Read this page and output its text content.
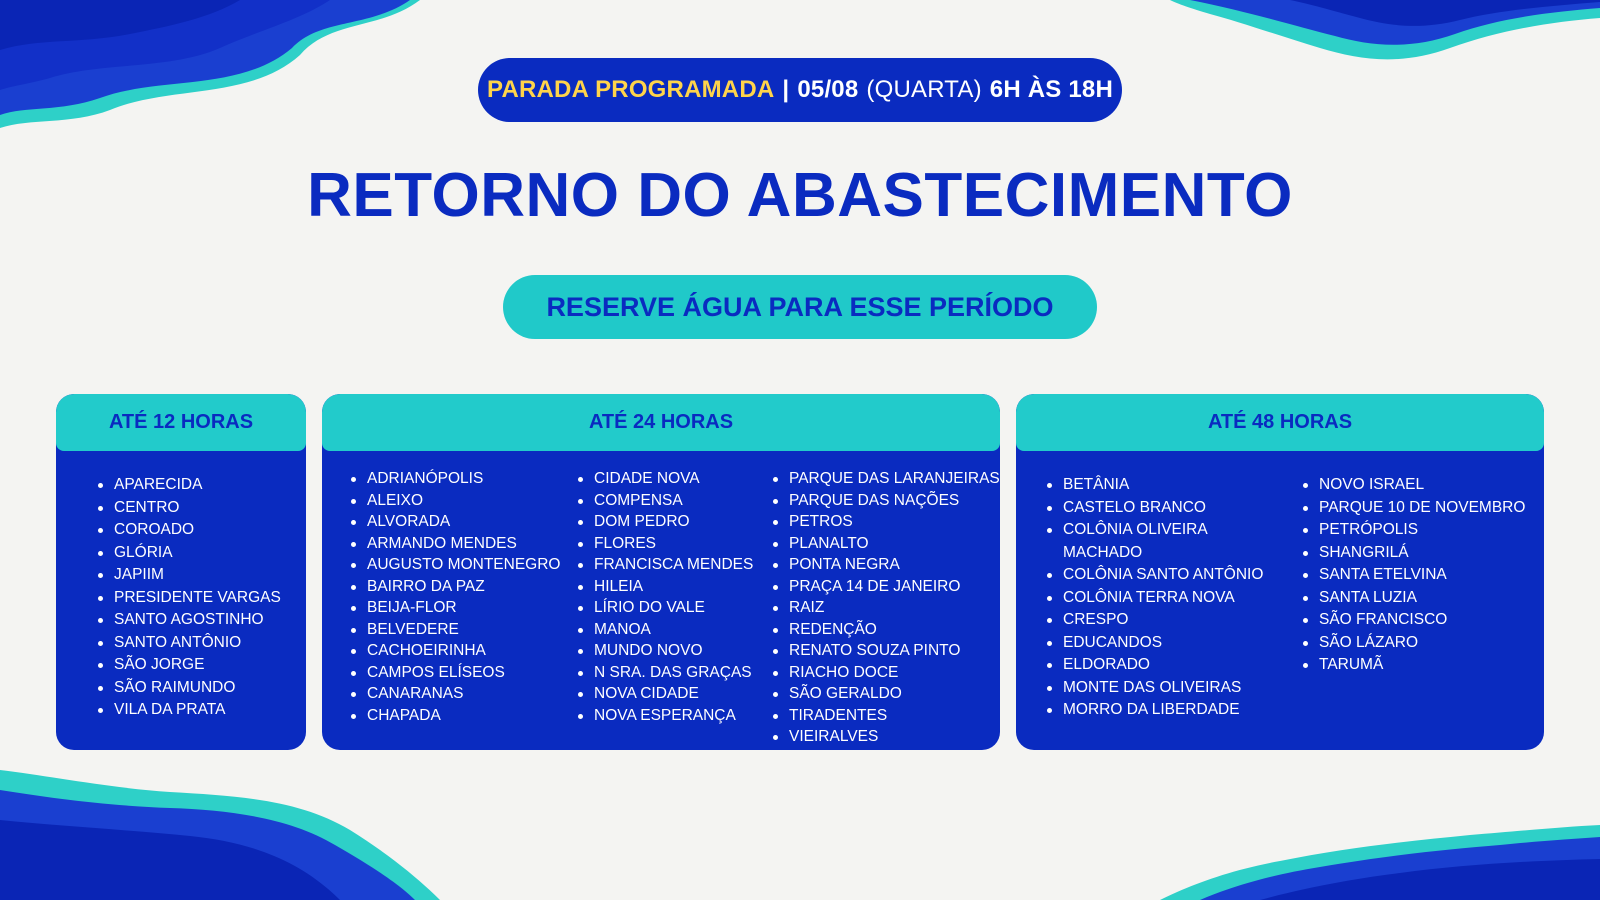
PARADA PROGRAMADA | 05/08 (QUARTA) 6H ÀS 18H
RETORNO DO ABASTECIMENTO
RESERVE ÁGUA PARA ESSE PERÍODO
ATÉ 12 HORAS
APARECIDA
CENTRO
COROADO
GLÓRIA
JAPIIM
PRESIDENTE VARGAS
SANTO AGOSTINHO
SANTO ANTÔNIO
SÃO JORGE
SÃO RAIMUNDO
VILA DA PRATA
ATÉ 24 HORAS
ADRIANÓPOLIS
ALEIXO
ALVORADA
ARMANDO MENDES
AUGUSTO MONTENEGRO
BAIRRO DA PAZ
BEIJA-FLOR
BELVEDERE
CACHOEIRINHA
CAMPOS ELÍSEOS
CANARANAS
CHAPADA
CIDADE NOVA
COMPENSA
DOM PEDRO
FLORES
FRANCISCA MENDES
HILEIA
LÍRIO DO VALE
MANOA
MUNDO NOVO
N SRA. DAS GRAÇAS
NOVA CIDADE
NOVA ESPERANÇA
PARQUE DAS LARANJEIRAS
PARQUE DAS NAÇÕES
PETROS
PLANALTO
PONTA NEGRA
PRAÇA 14 DE JANEIRO
RAIZ
REDENÇÃO
RENATO SOUZA PINTO
RIACHO DOCE
SÃO GERALDO
TIRADENTES
VIEIRALVES
ATÉ 48 HORAS
BETÂNIA
CASTELO BRANCO
COLÔNIA OLIVEIRA MACHADO
COLÔNIA SANTO ANTÔNIO
COLÔNIA TERRA NOVA
CRESPO
EDUCANDOS
ELDORADO
MONTE DAS OLIVEIRAS
MORRO DA LIBERDADE
NOVO ISRAEL
PARQUE 10 DE NOVEMBRO
PETRÓPOLIS
SHANGRILÁ
SANTA ETELVINA
SANTA LUZIA
SÃO FRANCISCO
SÃO LÁZARO
TARUMÃ
